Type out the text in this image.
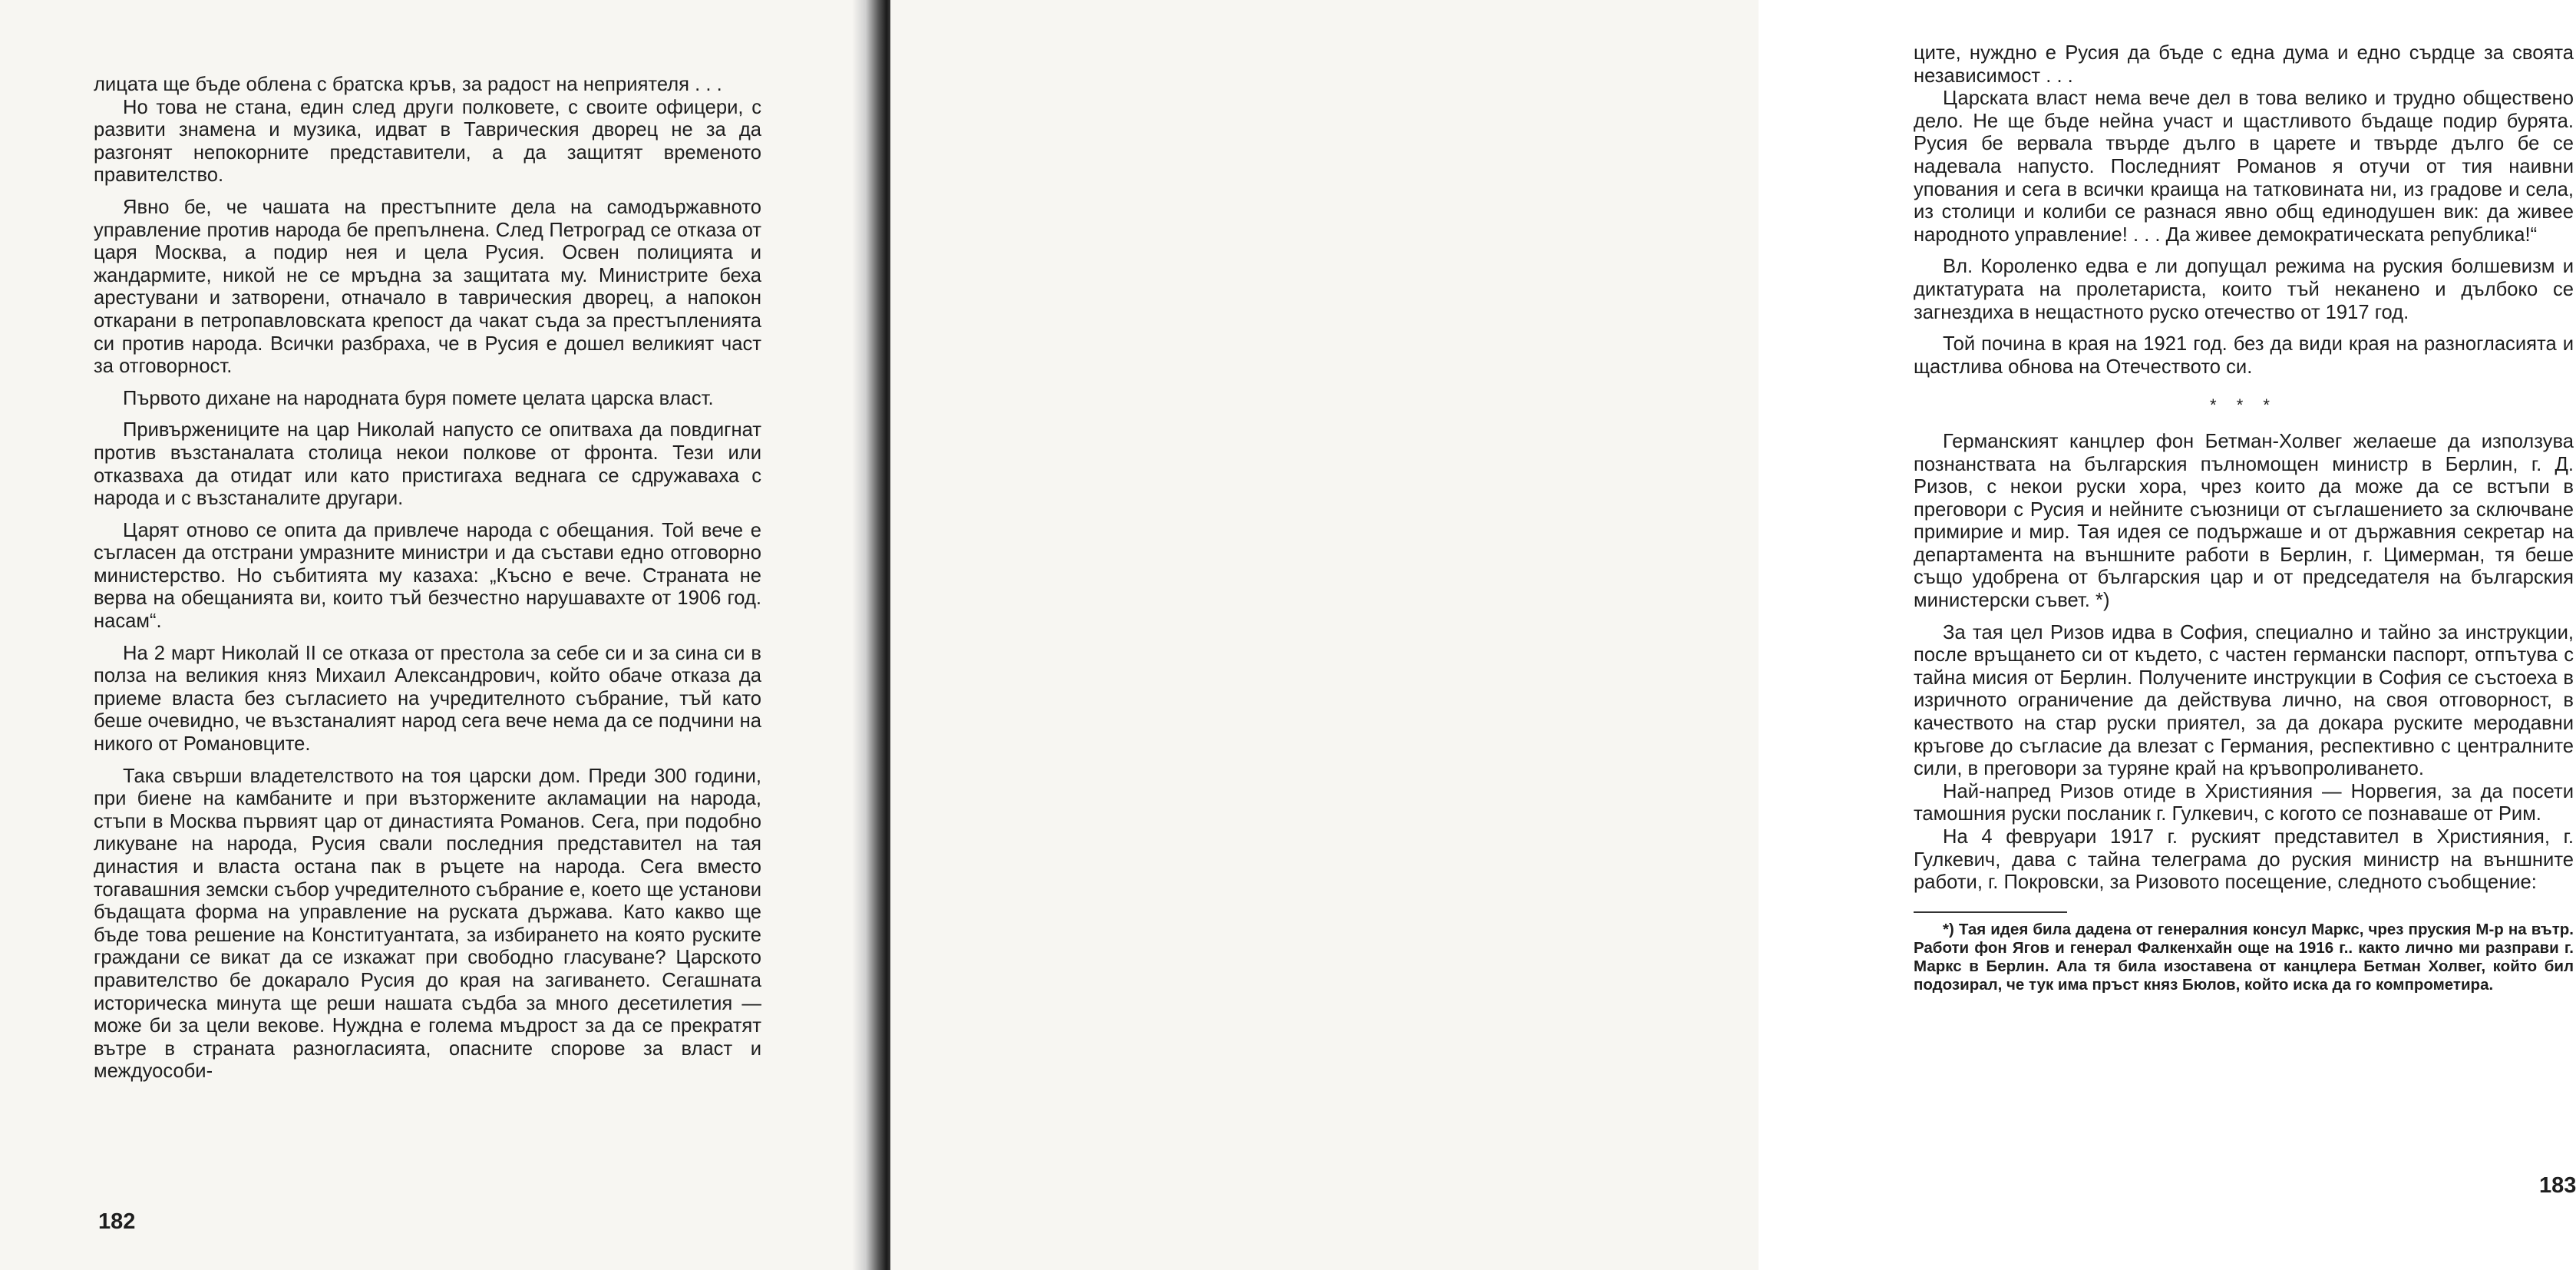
лицата ще бъде облена с братска кръв, за радост на неприятеля . . .

Но това не стана, един след други полковете, с своите офицери, с развити знамена и музика, идват в Таврическия дворец не за да разгонят непокорните представители, а да защитят временото правителство.

Явно бе, че чашата на престъпните дела на самодържавното управление против народа бе препълнена. След Петроград се отказа от царя Москва, а подир нея и цела Русия. Освен полицията и жандармите, никой не се мръдна за защитата му. Министрите беха арестувани и затворени, отначало в тавричеcкия дворец, а напокон откарани в петропавловската крепост да чакат съда за престъпленията си против народа. Всички разбраха, че в Русия е дошел великият част за отговорност.

Първото дихане на народната буря помете целата царска власт.

Привържениците на цар Николай напусто се опитваха да повдигнат против възстаналата столица некои полкове от фронта. Тези или отказваха да отидат или като пристигаха веднага се сдружаваха с народа и с възстаналите другари.

Царят отново се опита да привлече народа с обещания. Той вече е съгласен да отстрани умразните министри и да състави едно отговорно министерство. Но събитията му казаха: „Късно е вече. Страната не верва на обещанията ви, които тъй безчестно нарушавахте от 1906 год. насам“.

На 2 март Николай II се отказа от престола за себе си и за сина си в полза на великия княз Михаил Александрович, който обаче отказа да приеме власта без съгласието на учредителното събрание, тъй като беше очевидно, че възстаналият народ сега вече нема да се подчини на никого от Романовците.

Така свърши владетелството на тоя царски дом. Преди 300 години, при биене на камбаните и при възторжените акламации на народа, стъпи в Москва първият цар от династията Романов. Сега, при подобно ликуване на народа, Русия свали последния представител на тая династия и власта остана пак в ръцете на народа. Сега вместо тогавашния земски събор учредителното събрание е, което ще установи бъдащата форма на управление на руската държава. Като какво ще бъде това решение на Конституантата, за избирането на която руските граждани се викат да се изкажат при свободно гласуване? Царското правителство бе докарало Русия до края на загиването. Сегашната историческа минута ще реши нашата съдба за много десетилетия — може би за цели векове. Нуждна е голема мъдрост за да се прекратят вътре в страната разногласията, опасните спорове за власт и междуособи-

182

ците, нуждно е Русия да бъде с една дума и едно сърдце за своята независимост . . .

Царската власт нема вече дел в това велико и трудно обществено дело. Не ще бъде нейна участ и щастливото бъдаще подир бурята. Русия бе вервала твърде дълго в царете и твърде дълго бе се надевала напусто. Последният Романов я отучи от тия наивни упования и сега в всички краища на татковината ни, из градове и села, из столици и колиби се разнася явно общ единодушен вик: да живее народното управление! . . . Да живее демократическата република!“

Вл. Короленко едва е ли допущал режима на руския болшевизм и диктатурата на пролетариста, които тъй неканено и дълбоко се загнездиха в нещастното руско отечество от 1917 год.

Той почина в края на 1921 год. без да види края на разногласията и щастлива обнова на Отечеството си.

* * *

Германският канцлер фон Бетман-Холвег желаеше да използува познанствата на българския пълномощен министр в Берлин, г. Д. Ризов, с некои руски хора, чрез които да може да се встъпи в преговори с Русия и нейните съюзници от съглашението за сключване примирие и мир. Тая идея се подържаше и от държавния секретар на департамента на външните работи в Берлин, г. Цимерман, тя беше също удобрена от българския цар и от председателя на българския министерски съвет. *)

За тая цел Ризов идва в София, специално и тайно за инструкции, после връщането си от където, с частен германски паспорт, отпътува с тайна мисия от Берлин. Получените инструкции в София се състоеха в изричното ограничение да действува лично, на своя отговорност, в качеството на стар руски приятел, за да докара руските меродавни кръгове до съгласие да влезат с Германия, респективно с централните сили, в преговори за туряне край на кръвопроливането.

Най-напред Ризов отиде в Християния — Норвегия, за да посети тамошния руски посланик г. Гулкевич, с когото се познаваше от Рим.

На 4 февруари 1917 г. руският представител в Християния, г. Гулкевич, дава с тайна телеграма до руския министр на външните работи, г. Покровски, за Ризовото посещение, следното съобщение:

*) Тая идея била дадена от генералния консул Маркс, чрез пруския М-р на вътр. Работи фон Ягов и генерал Фалкенхайн още на 1916 г.. както лично ми разправи г. Маркс в Берлин. Ала тя била изоставена от канцлера Бетман Холвег, който бил подозирал, че тук има пръст княз Бюлов, който иска да го компрометира.

183
